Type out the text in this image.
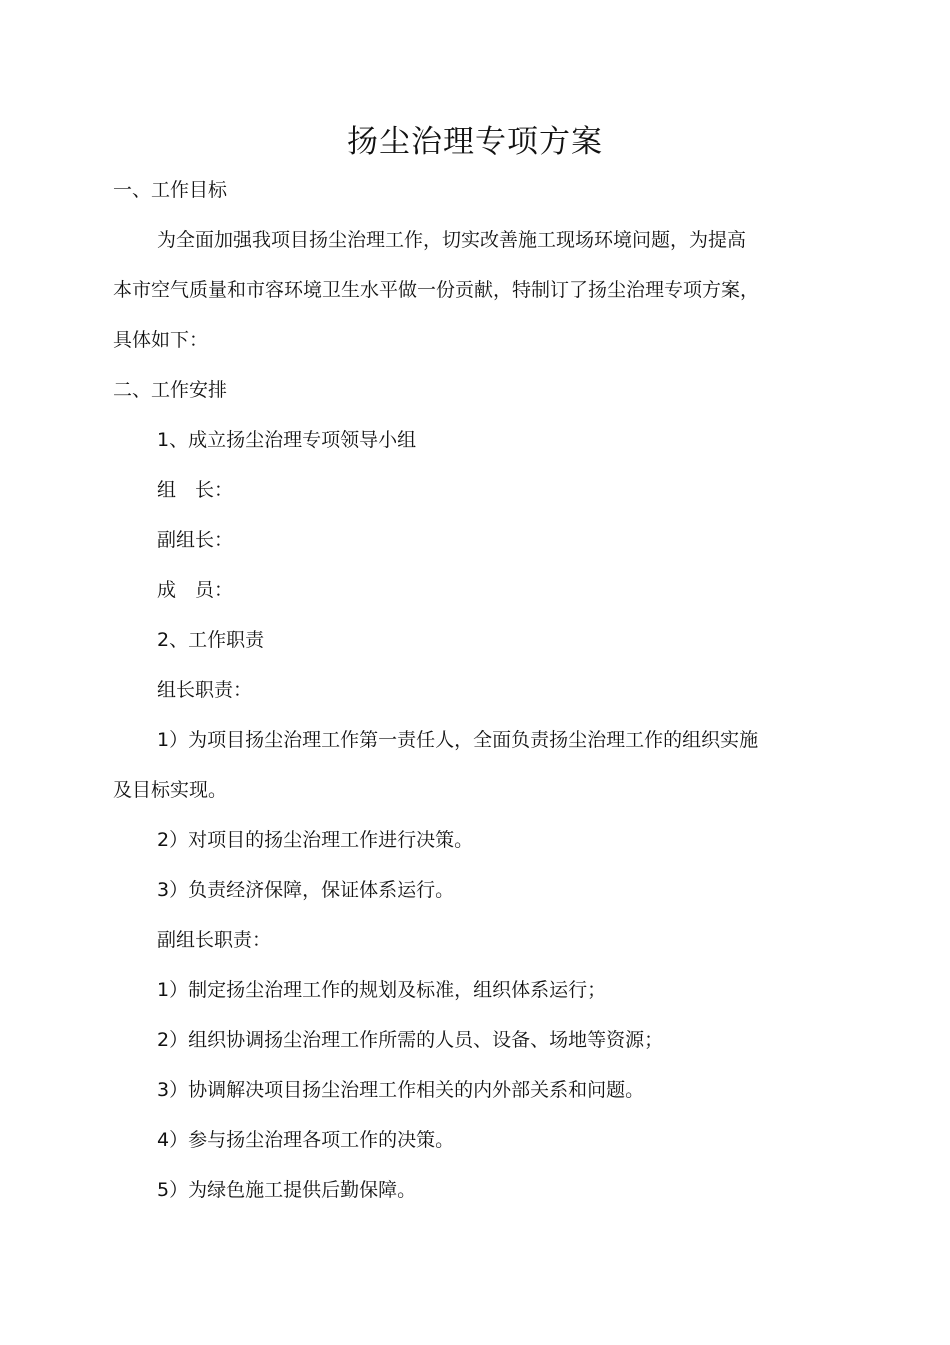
扬尘治理专项方案

一、工作目标

为全面加强我项目扬尘治理工作，切实改善施工现场环境问题，为提高

本市空气质量和市容环境卫生水平做一份贡献，特制订了扬尘治理专项方案，

具体如下：

二、工作安排

1、成立扬尘治理专项领导小组

组　长：

副组长：

成　员：

2、工作职责

组长职责：

1）为项目扬尘治理工作第一责任人，全面负责扬尘治理工作的组织实施

及目标实现。

2）对项目的扬尘治理工作进行决策。

3）负责经济保障，保证体系运行。

副组长职责：

1）制定扬尘治理工作的规划及标准，组织体系运行；

2）组织协调扬尘治理工作所需的人员、设备、场地等资源；

3）协调解决项目扬尘治理工作相关的内外部关系和问题。

4）参与扬尘治理各项工作的决策。

5）为绿色施工提供后勤保障。
